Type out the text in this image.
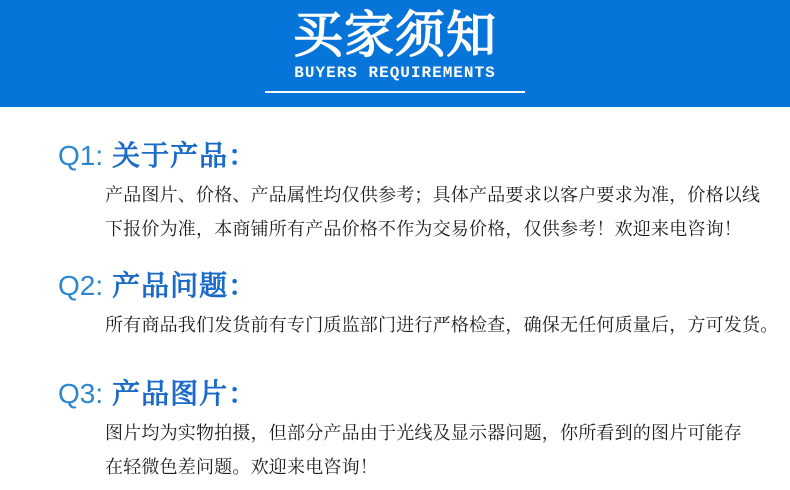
买家须知
BUYERS REQUIREMENTS
Q1: 关于产品：
产品图片、价格、产品属性均仅供参考；具体产品要求以客户要求为准，价格以线
下报价为准，本商铺所有产品价格不作为交易价格，仅供参考！欢迎来电咨询！
Q2: 产品问题：
所有商品我们发货前有专门质监部门进行严格检查，确保无任何质量后，方可发货。
Q3: 产品图片：
图片均为实物拍摄，但部分产品由于光线及显示器问题，你所看到的图片可能存
在轻微色差问题。欢迎来电咨询！
